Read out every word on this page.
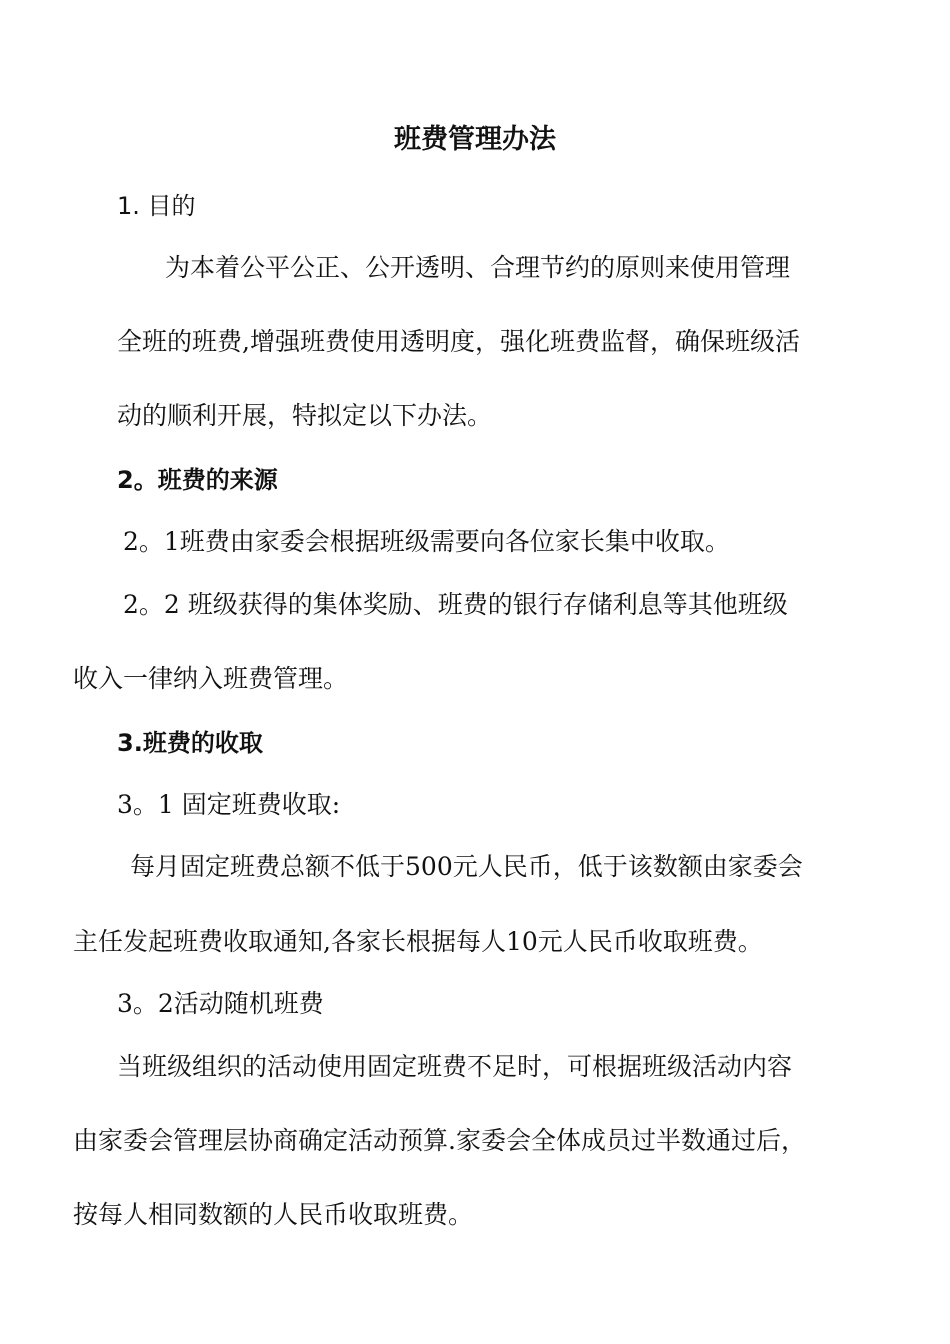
班费管理办法
1. 目的
为本着公平公正、公开透明、合理节约的原则来使用管理
全班的班费,增强班费使用透明度，强化班费监督，确保班级活
动的顺利开展，特拟定以下办法。
2。班费的来源
2。1班费由家委会根据班级需要向各位家长集中收取。
2。2 班级获得的集体奖励、班费的银行存储利息等其他班级
收入一律纳入班费管理。
3.班费的收取
3。1 固定班费收取:
每月固定班费总额不低于500元人民币，低于该数额由家委会
主任发起班费收取通知,各家长根据每人10元人民币收取班费。
3。2活动随机班费
当班级组织的活动使用固定班费不足时，可根据班级活动内容
由家委会管理层协商确定活动预算.家委会全体成员过半数通过后，
按每人相同数额的人民币收取班费。
